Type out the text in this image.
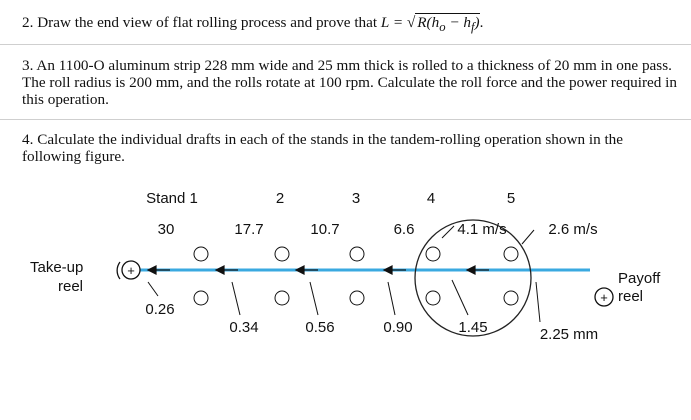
2. Draw the end view of flat rolling process and prove that L = √ $R(h_o - h_f)$.

3. An 1100-O aluminum strip 228 mm wide and 25 mm thick is rolled to a thickness of 20 mm in one pass. The roll radius is 200 mm, and the rolls rotate at 100 rpm. Calculate the roll force and the power required in this operation.

4. Calculate the individual drafts in each of the stands in the tandem-rolling operation shown in the following figure.

+
Take-up
reel
+
Payoff
reel
Stand 1	2	3	4	5
30	17.7	10.7	6.6	4.1 m/s	2.6 m/s
0.26
0.34	0.56	0.90	1.45	2.25 mm
